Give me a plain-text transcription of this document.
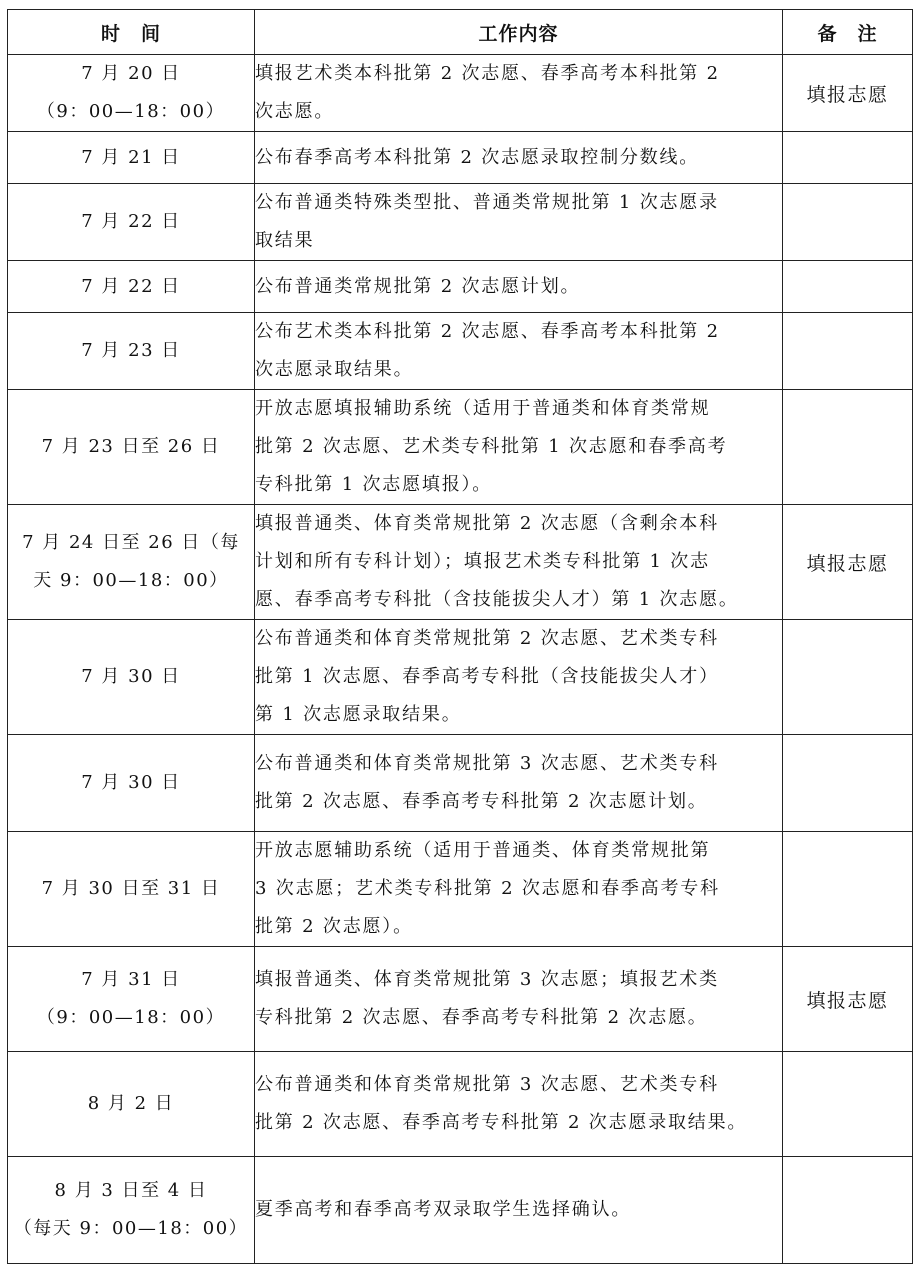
时　间	工作内容	备　注

7 月 20 日
（9：00—18：00）	填报艺术类本科批第 2 次志愿、春季高考本科批第 2
次志愿。	填报志愿

7 月 21 日	公布春季高考本科批第 2 次志愿录取控制分数线。	

7 月 22 日	公布普通类特殊类型批、普通类常规批第 1 次志愿录
取结果	

7 月 22 日	公布普通类常规批第 2 次志愿计划。	

7 月 23 日	公布艺术类本科批第 2 次志愿、春季高考本科批第 2
次志愿录取结果。	

7 月 23 日至 26 日	开放志愿填报辅助系统（适用于普通类和体育类常规
批第 2 次志愿、艺术类专科批第 1 次志愿和春季高考
专科批第 1 次志愿填报）。	

7 月 24 日至 26 日（每
天 9：00—18：00）	填报普通类、体育类常规批第 2 次志愿（含剩余本科
计划和所有专科计划）；填报艺术类专科批第 1 次志
愿、春季高考专科批（含技能拔尖人才）第 1 次志愿。	填报志愿

7 月 30 日	公布普通类和体育类常规批第 2 次志愿、艺术类专科
批第 1 次志愿、春季高考专科批（含技能拔尖人才）
第 1 次志愿录取结果。	

7 月 30 日	公布普通类和体育类常规批第 3 次志愿、艺术类专科
批第 2 次志愿、春季高考专科批第 2 次志愿计划。	

7 月 30 日至 31 日	开放志愿辅助系统（适用于普通类、体育类常规批第
3 次志愿；艺术类专科批第 2 次志愿和春季高考专科
批第 2 次志愿）。	

7 月 31 日
（9：00—18：00）	填报普通类、体育类常规批第 3 次志愿；填报艺术类
专科批第 2 次志愿、春季高考专科批第 2 次志愿。	填报志愿

8 月 2 日	公布普通类和体育类常规批第 3 次志愿、艺术类专科
批第 2 次志愿、春季高考专科批第 2 次志愿录取结果。	

8 月 3 日至 4 日
（每天 9：00—18：00）	夏季高考和春季高考双录取学生选择确认。	
